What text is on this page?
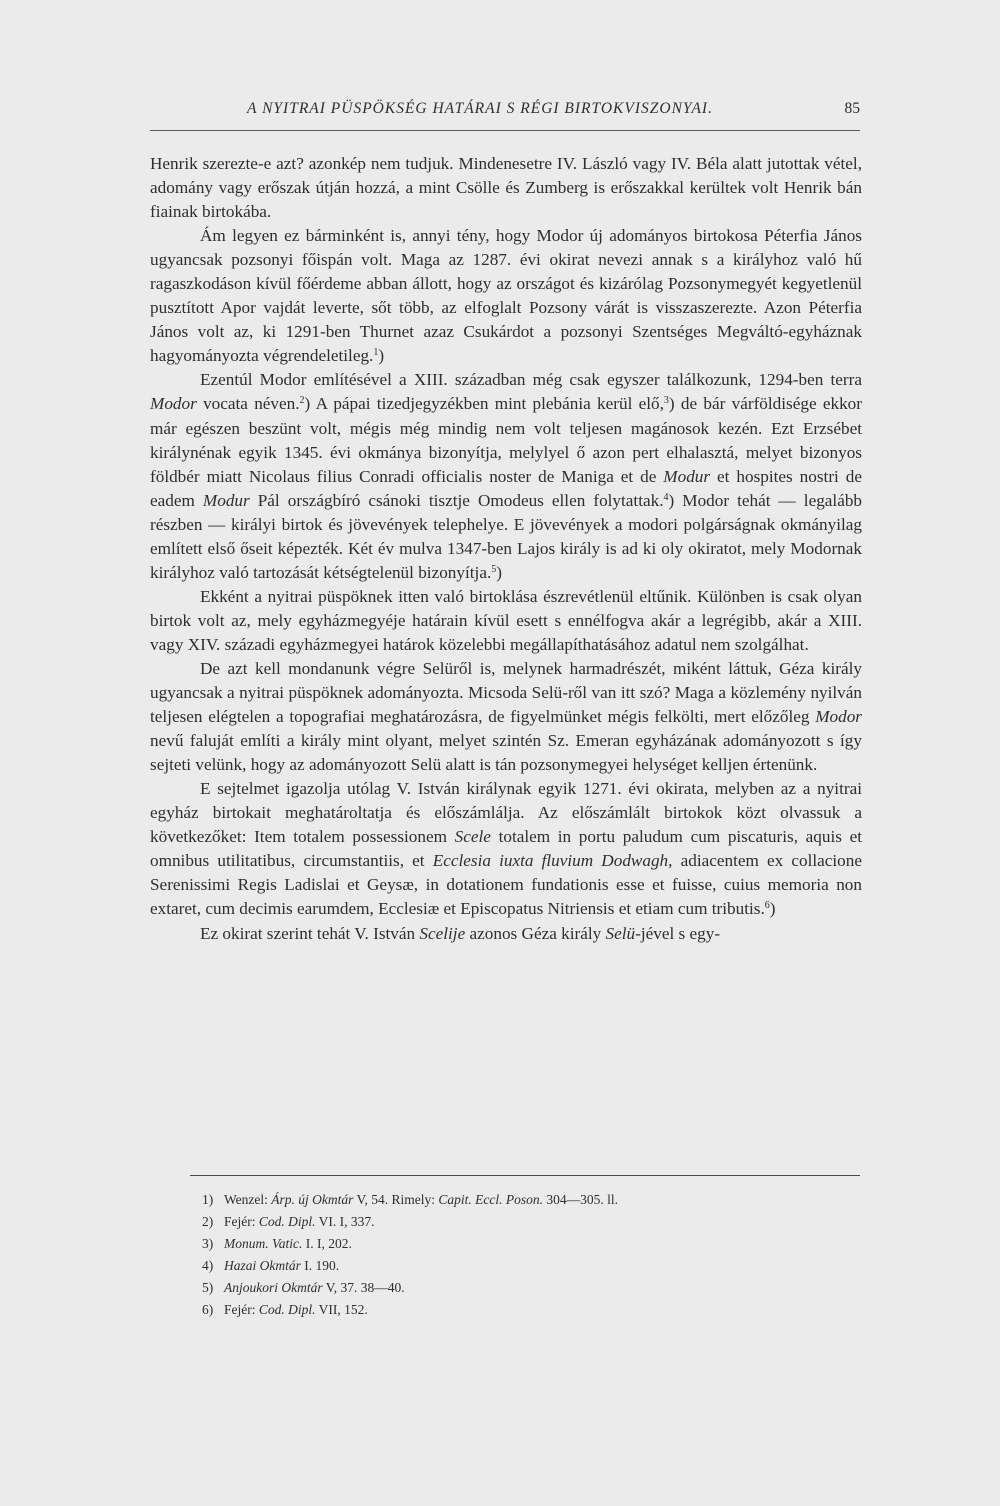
A NYITRAI PÜSPÖKSÉG HATÁRAI S RÉGI BIRTOKVISZONYAI.	85

Henrik szerezte-e azt? azonkép nem tudjuk. Mindenesetre IV. László vagy IV. Béla alatt jutottak vétel, adomány vagy erőszak útján hozzá, a mint Csölle és Zumberg is erőszakkal kerültek volt Henrik bán fiainak birtokába.

Ám legyen ez bárminként is, annyi tény, hogy Modor új adományos birtokosa Péterfia János ugyancsak pozsonyi főispán volt. Maga az 1287. évi okirat nevezi annak s a királyhoz való hű ragaszkodáson kívül főérdeme abban állott, hogy az országot és kizárólag Pozsonymegyét kegyetlenül pusztított Apor vajdát leverte, sőt több, az elfoglalt Pozsony várát is visszaszerezte. Azon Péterfia János volt az, ki 1291-ben Thurnet azaz Csukárdot a pozsonyi Szentséges Megváltó-egyháznak hagyományozta végrendeletileg.$^1$)

Ezentúl Modor említésével a XIII. században még csak egyszer találkozunk, 1294-ben terra Modor vocata néven.$^2$) A pápai tizedjegyzékben mint plebánia kerül elő,$^3$) de bár várföldisége ekkor már egészen beszünt volt, mégis még mindig nem volt teljesen magánosok kezén. Ezt Erzsébet királynénak egyik 1345. évi okmánya bizonyítja, melylyel ő azon pert elhalasztá, melyet bizonyos földbér miatt Nicolaus filius Conradi officialis noster de Maniga et de Modur et hospites nostri de eadem Modur Pál országbíró csánoki tisztje Omodeus ellen folytattak.$^4$) Modor tehát — legalább részben — királyi birtok és jövevények telephelye. E jövevények a modori polgárságnak okmányilag említett első őseit képezték. Két év mulva 1347-ben Lajos király is ad ki oly okiratot, mely Modornak királyhoz való tartozását kétségtelenül bizonyítja.$^5$)

Ekként a nyitrai püspöknek itten való birtoklása észrevétlenül eltűnik. Különben is csak olyan birtok volt az, mely egyházmegyéje határain kívül esett s ennélfogva akár a legrégibb, akár a XIII. vagy XIV. századi egyházmegyei határok közelebbi megállapíthatásához adatul nem szolgálhat.

De azt kell mondanunk végre Selüről is, melynek harmadrészét, miként láttuk, Géza király ugyancsak a nyitrai püspöknek adományozta. Micsoda Selü-ről van itt szó? Maga a közlemény nyilván teljesen elégtelen a topografiai meghatározásra, de figyelmünket mégis felkölti, mert előzőleg Modor nevű faluját említi a király mint olyant, melyet szintén Sz. Emeran egyházának adományozott s így sejteti velünk, hogy az adományozott Selü alatt is tán pozsonymegyei helységet kelljen értenünk.

E sejtelmet igazolja utólag V. István királynak egyik 1271. évi okirata, melyben az a nyitrai egyház birtokait meghatároltatja és előszámlálja. Az előszámlált birtokok közt olvassuk a következőket: Item totalem possessionem Scele totalem in portu paludum cum piscaturis, aquis et omnibus utilitatibus, circumstantiis, et Ecclesia iuxta fluvium Dodwagh, adiacentem ex collacione Serenissimi Regis Ladislai et Geysæ, in dotationem fundationis esse et fuisse, cuius memoria non extaret, cum decimis earumdem, Ecclesiæ et Episcopatus Nitriensis et etiam cum tributis.$^6$)

Ez okirat szerint tehát V. István Scelije azonos Géza király Selü-jével s egy-

1) Wenzel: Árp. új Okmtár V, 54. Rimely: Capit. Eccl. Poson. 304—305. ll.
2) Fejér: Cod. Dipl. VI. I, 337.
3) Monum. Vatic. I. I, 202.
4) Hazai Okmtár I. 190.
5) Anjoukori Okmtár V, 37. 38—40.
6) Fejér: Cod. Dipl. VII, 152.
